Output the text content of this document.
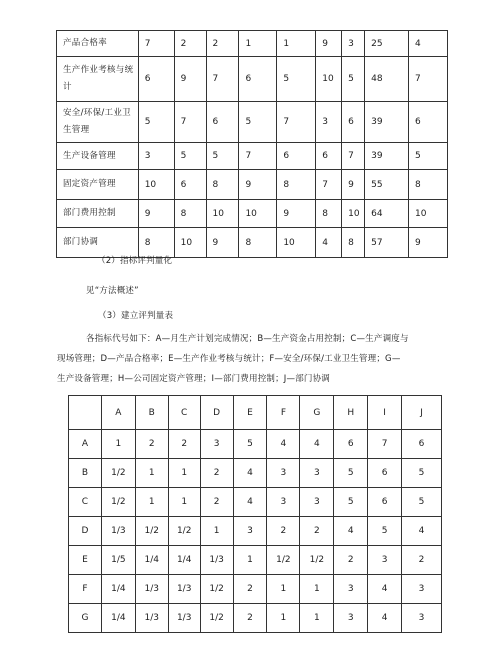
产品合格率	7	2	2	1	1	9	3	25	4
生产作业考核与统计	6	9	7	6	5	10	5	48	7
安全/环保/工业卫生管理	5	7	6	5	7	3	6	39	6
生产设备管理	3	5	5	7	6	6	7	39	5
固定资产管理	10	6	8	9	8	7	9	55	8
部门费用控制	9	8	10	10	9	8	10	64	10
部门协调	8	10	9	8	10	4	8	57	9
（2）指标评判量化
见“方法概述”
（3）建立评判量表
各指标代号如下：A—月生产计划完成情况；B—生产资金占用控制；C—生产调度与
现场管理；D—产品合格率；E—生产作业考核与统计；F—安全/环保/工业卫生管理；G—
生产设备管理；H—公司固定资产管理；I—部门费用控制；J—部门协调
	A	B	C	D	E	F	G	H	I	J
A	1	2	2	3	5	4	4	6	7	6
B	1/2	1	1	2	4	3	3	5	6	5
C	1/2	1	1	2	4	3	3	5	6	5
D	1/3	1/2	1/2	1	3	2	2	4	5	4
E	1/5	1/4	1/4	1/3	1	1/2	1/2	2	3	2
F	1/4	1/3	1/3	1/2	2	1	1	3	4	3
G	1/4	1/3	1/3	1/2	2	1	1	3	4	3
